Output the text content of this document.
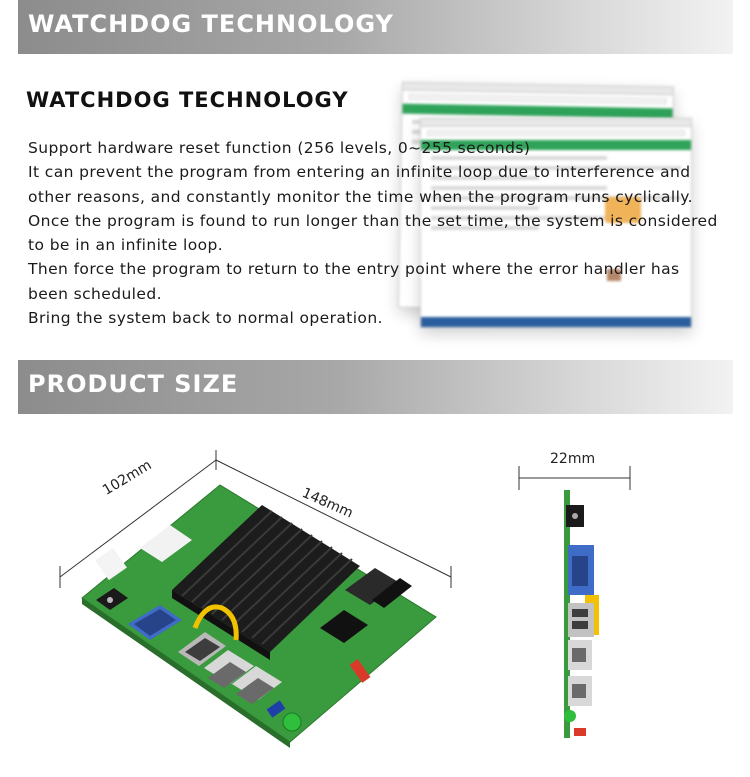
WATCHDOG TECHNOLOGY
WATCHDOG TECHNOLOGY

Support hardware reset function (256 levels, 0~255 seconds)

It can prevent the program from entering an infinite loop due to interference and other reasons, and constantly monitor the time when the program runs cyclically.

Once the program is found to run longer than the set time, the system is considered to be in an infinite loop.

Then force the program to return to the entry point where the error handler has been scheduled.

Bring the system back to normal operation.

PRODUCT SIZE
102mm
148mm
22mm
